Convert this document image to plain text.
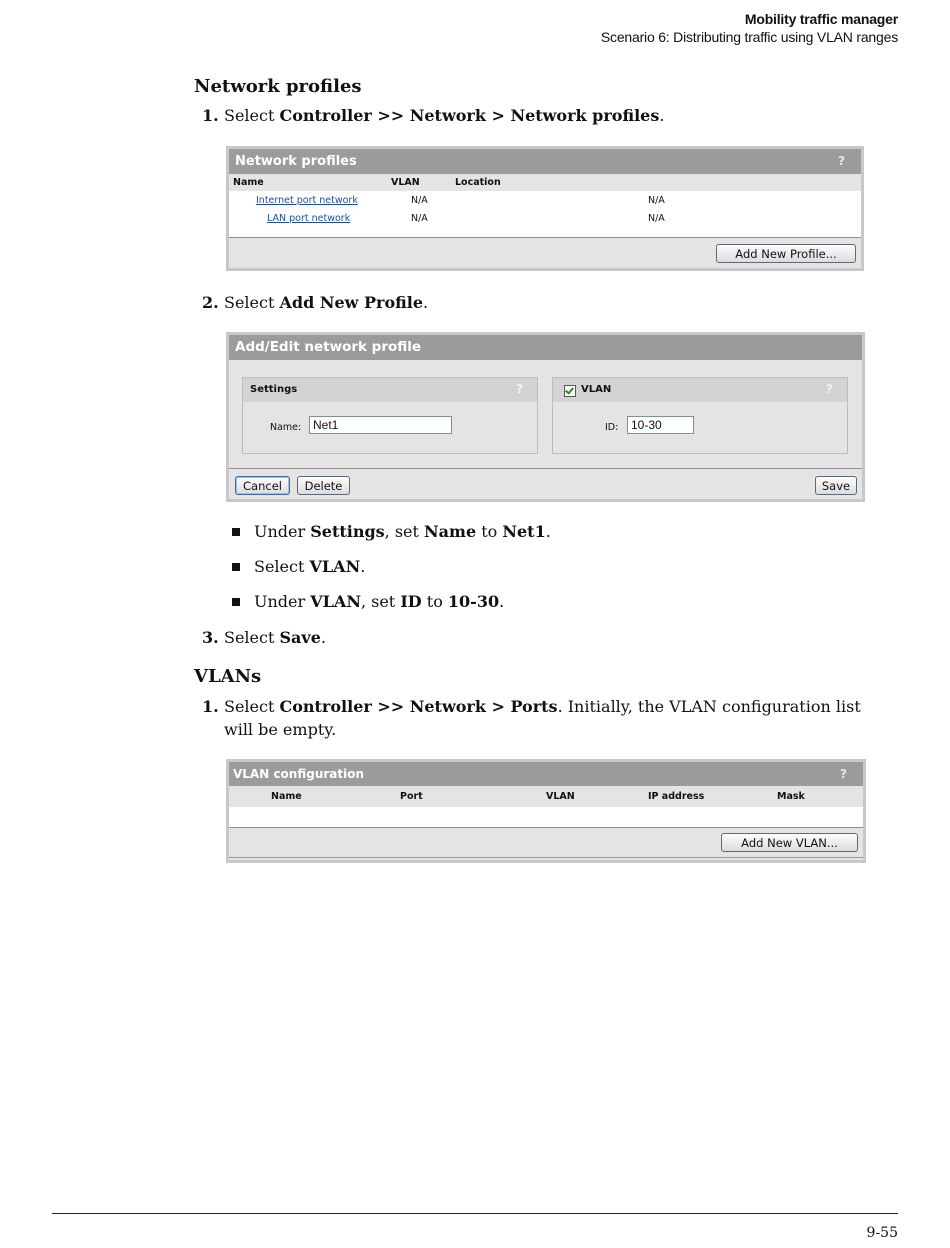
Mobility traffic manager
Scenario 6: Distributing traffic using VLAN ranges
Network profiles
1. Select Controller >> Network > Network profiles.
Network profiles	?
Name	VLAN	Location
Internet port network	N/A	N/A
LAN port network	N/A	N/A
Add New Profile...
2. Select Add New Profile.
Add/Edit network profile
Settings	?
Name: Net1
VLAN	?
ID:	10-30
Cancel	Delete	Save
Under Settings, set Name to Net1.
Select VLAN.
Under VLAN, set ID to 10-30.
3. Select Save.
VLANs
1. Select Controller >> Network > Ports. Initially, the VLAN configuration list will be empty.
VLAN configuration	?
Name	Port	VLAN	IP address	Mask
Add New VLAN...
9-55
